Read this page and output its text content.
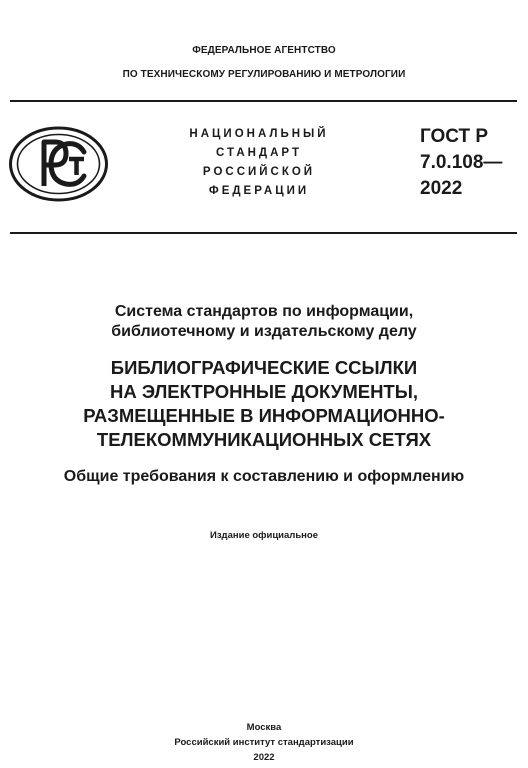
ФЕДЕРАЛЬНОЕ АГЕНТСТВО
ПО ТЕХНИЧЕСКОМУ РЕГУЛИРОВАНИЮ И МЕТРОЛОГИИ
НАЦИОНАЛЬНЫЙ
СТАНДАРТ
РОССИЙСКОЙ
ФЕДЕРАЦИИ
ГОСТ Р
7.0.108—
2022
Система стандартов по информации,
библиотечному и издательскому делу
БИБЛИОГРАФИЧЕСКИЕ ССЫЛКИ
НА ЭЛЕКТРОННЫЕ ДОКУМЕНТЫ,
РАЗМЕЩЕННЫЕ В ИНФОРМАЦИОННО-
ТЕЛЕКОММУНИКАЦИОННЫХ СЕТЯХ
Общие требования к составлению и оформлению
Издание официальное
Москва
Российский институт стандартизации
2022
